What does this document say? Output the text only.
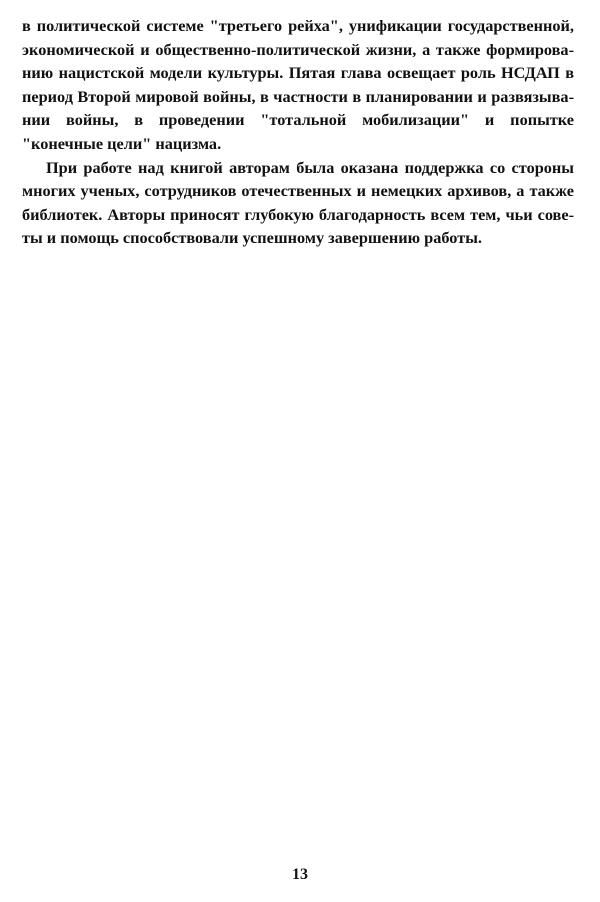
в политической системе "третьего рейха", унификации государственной,
экономической и общественно-политической жизни, а также формирова-
нию нацистской модели культуры. Пятая глава освещает роль НСДАП в
период Второй мировой войны, в частности в планировании и развязыва-
нии войны, в проведении "тотальной мобилизации" и попытке
"конечные цели" нацизма.
При работе над книгой авторам была оказана поддержка со стороны
многих ученых, сотрудников отечественных и немецких архивов, а также
библиотек. Авторы приносят глубокую благодарность всем тем, чьи сове-
ты и помощь способствовали успешному завершению работы.
13
